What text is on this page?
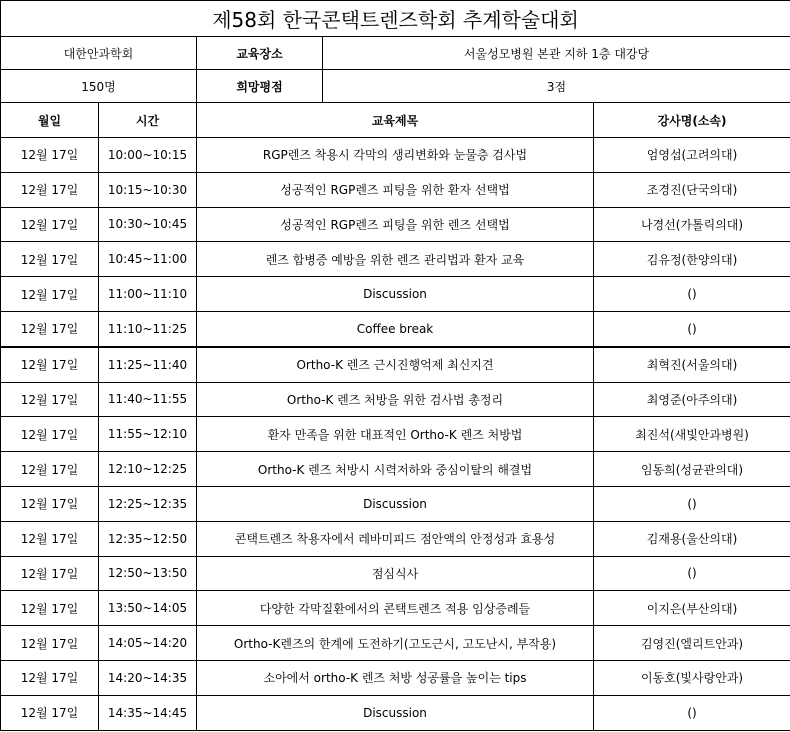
제58회 한국콘택트렌즈학회 추계학술대회				
대한안과학회		교육장소	서울성모병원 본관 지하 1층 대강당	
150명		희망평점	3점	
월일	시간	교육제목		강사명(소속)
12월 17일	10:00~10:15	RGP렌즈 착용시 각막의 생리변화와 눈물층 검사법		엄영섭(고려의대)
12월 17일	10:15~10:30	성공적인 RGP렌즈 피팅을 위한 환자 선택법		조경진(단국의대)
12월 17일	10:30~10:45	성공적인 RGP렌즈 피팅을 위한 렌즈 선택법		나경선(가톨릭의대)
12월 17일	10:45~11:00	렌즈 합병증 예방을 위한 렌즈 관리법과 환자 교육		김유정(한양의대)
12월 17일	11:00~11:10	Discussion		()
12월 17일	11:10~11:25	Coffee break		()
12월 17일	11:25~11:40	Ortho-K 렌즈 근시진행억제 최신지견		최혁진(서울의대)
12월 17일	11:40~11:55	Ortho-K 렌즈 처방을 위한 검사법 총정리		최영준(아주의대)
12월 17일	11:55~12:10	환자 만족을 위한 대표적인 Ortho-K 렌즈 처방법		최진석(새빛안과병원)
12월 17일	12:10~12:25	Ortho-K 렌즈 처방시 시력저하와 중심이탈의 해결법		임동희(성균관의대)
12월 17일	12:25~12:35	Discussion		()
12월 17일	12:35~12:50	콘택트렌즈 착용자에서 레바미피드 점안액의 안정성과 효용성		김재용(울산의대)
12월 17일	12:50~13:50	점심식사		()
12월 17일	13:50~14:05	다양한 각막질환에서의 콘택트렌즈 적용 임상증례들		이지은(부산의대)
12월 17일	14:05~14:20	Ortho-K렌즈의 한계에 도전하기(고도근시, 고도난시, 부작용)		김영진(엘리트안과)
12월 17일	14:20~14:35	소아에서 ortho-K 렌즈 처방 성공률을 높이는 tips		이동호(빛사랑안과)
12월 17일	14:35~14:45	Discussion		()
